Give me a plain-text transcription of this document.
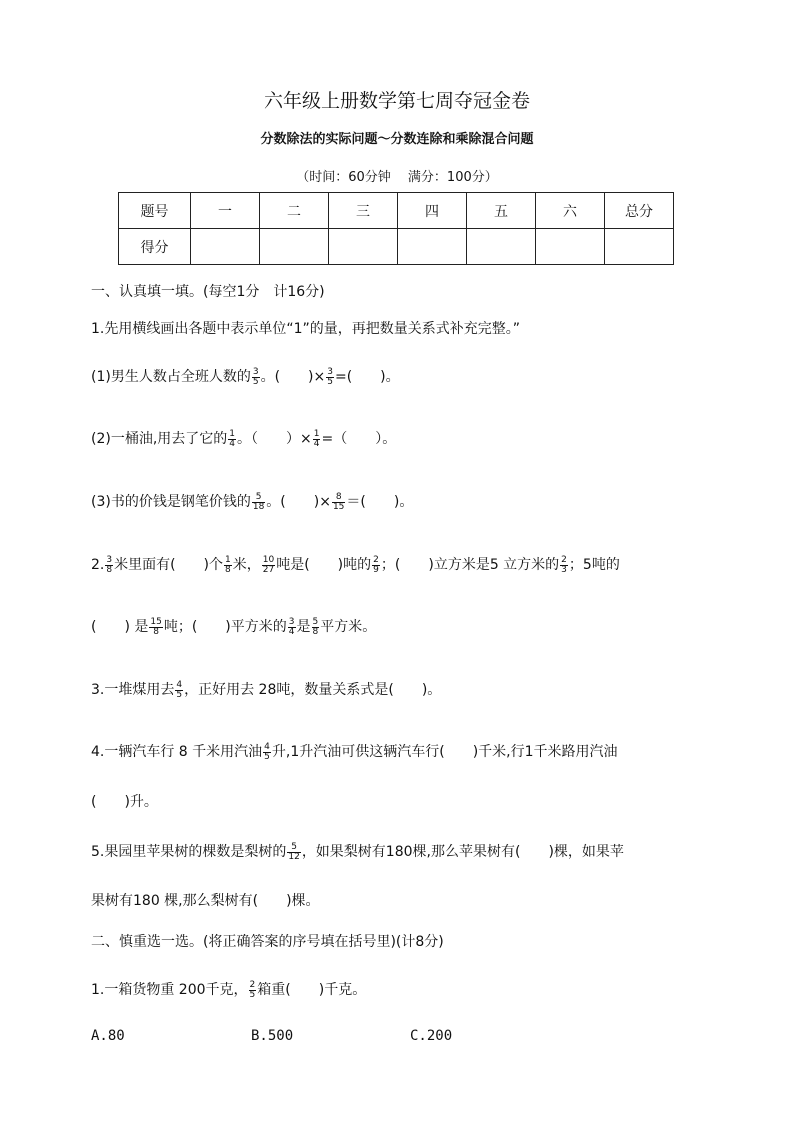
六年级上册数学第七周夺冠金卷
分数除法的实际问题～分数连除和乘除混合问题
（时间：60分钟　 满分：100分）
题号	一	二	三	四	五	六	总分
得分							
一、认真填一填。(每空1分　计16分)
1.先用横线画出各题中表示单位“1”的量，再把数量关系式补充完整。”
(1)男生人数占全班人数的 $\frac{3}{5}$ 。(　　)× $\frac{3}{5}$ =(　　)。
(2)一桶油,用去了它的 $\frac{1}{4}$ 。（　　）× $\frac{1}{4}$ =（　　）。
(3)书的价钱是钢笔价钱的 $\frac{5}{18}$ 。(　　)× $\frac{8}{15}$ ＝(　　)。
2. $\frac{3}{8}$ 米里面有(　　)个 $\frac{1}{8}$ 米， $\frac{10}{27}$ 吨是(　　)吨的 $\frac{2}{9}$ ；(　　)立方米是5 立方米的 $\frac{2}{3}$ ；5吨的
(　　) 是 $\frac{15}{8}$ 吨；(　　)平方米的 $\frac{3}{4}$ 是 $\frac{5}{8}$ 平方米。
3.一堆煤用去 $\frac{4}{5}$ ，正好用去 28吨，数量关系式是(　　)。
4.一辆汽车行 8 千米用汽油 $\frac{4}{5}$ 升,1升汽油可供这辆汽车行(　　)千米,行1千米路用汽油
(　　)升。
5.果园里苹果树的棵数是梨树的 $\frac{5}{12}$ ，如果梨树有180棵,那么苹果树有(　　)棵，如果苹
果树有180 棵,那么梨树有(　　)棵。
二、慎重选一选。(将正确答案的序号填在括号里)(计8分)
1.一箱货物重 200千克， $\frac{2}{5}$ 箱重(　　)千克。
A.80	B.500	C.200
